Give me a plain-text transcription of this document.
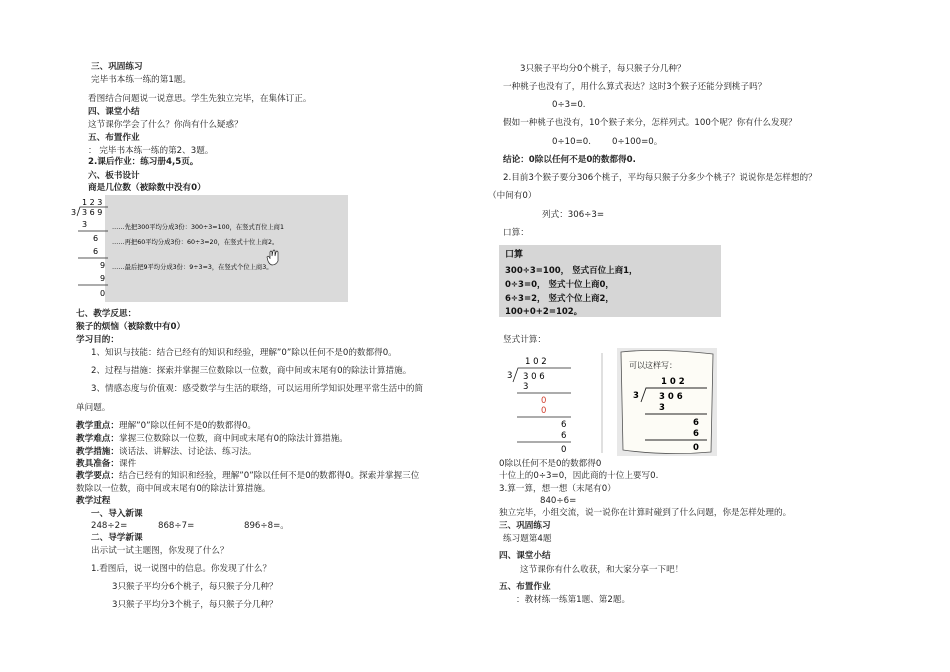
三、巩固练习
完毕书本练一练的第1题。
看图结合问题说一说意思。学生先独立完毕，在集体订正。
四、课堂小结
这节课你学会了什么？你尚有什么疑惑？
五、布置作业
： 完毕书本练一练的第2、3题。
2.课后作业：练习册4,5页。
六、板书设计
商是几位数（被除数中没有0）
1 2 3
3 3 6 9
3
6
6
9
9
0
……先把300平均分成3份：300÷3=100，在竖式百位上商1
……再把60平均分成3份：60÷3=20，在竖式十位上商2。
……最后把9平均分成3份：9÷3=3，在竖式个位上商3。
七、教学反思：
猴子的烦恼（被除数中有0）
学习目的：
1、知识与技能：结合已经有的知识和经验，理解”0”除以任何不是0的数都得0。
2、过程与措施：探索并掌握三位数除以一位数，商中间或末尾有0的除法计算措施。
3、情感态度与价值观：感受数学与生活的联络，可以运用所学知识处理平常生活中的简
单问题。
教学重点：理解”0”除以任何不是0的数都得0。
教学难点：掌握三位数除以一位数，商中间或末尾有0的除法计算措施。
教学措施：谈话法、讲解法、讨论法、练习法。
教具准备：课件
教学要点：结合已经有的知识和经验，理解”0”除以任何不是0的数都得0。探索并掌握三位
数除以一位数，商中间或末尾有0的除法计算措施。
教学过程
一、导入新课
248÷2=	868÷7=	896÷8=。
二、导学新课
出示试一试主题图，你发现了什么？
1.看图后，说一说图中的信息。你发现了什么？
3只猴子平均分6个桃子，每只猴子分几种？
3只猴子平均分3个桃子，每只猴子分几种？
3只猴子平均分0个桃子，每只猴子分几种？
一种桃子也没有了，用什么算式表达？这时3个猴子还能分到桃子吗？
0÷3=0.
假如一种桃子也没有，10个猴子来分，怎样列式。100个呢？你有什么发现？
0÷10=0. 0÷100=0。
结论：0除以任何不是0的数都得0.
2.目前3个猴子要分306个桃子，平均每只猴子分多少个桃子？说说你是怎样想的？
（中间有0）
列式：306÷3=
口算：
口算
300÷3=100， 竖式百位上商1，
0÷3=0， 竖式十位上商0，
6÷3=2， 竖式个位上商2，
100+0+2=102。
竖式计算：
1 0 2
3 3 0 6
3
0
0
6
6
0
可以这样写：
1 0 2
3 3 0 6
3
6
6
0
0除以任何不是0的数都得0
十位上的0÷3=0，因此商的十位上要写0.
3.算一算，想一想（末尾有0）
840÷6=
独立完毕，小组交流，说一说你在计算时碰到了什么问题，你是怎样处理的。
三、巩固练习
练习题第4题
四、课堂小结
这节课你有什么收获，和大家分享一下吧！
五、布置作业
：教材练一练第1题、第2题。
